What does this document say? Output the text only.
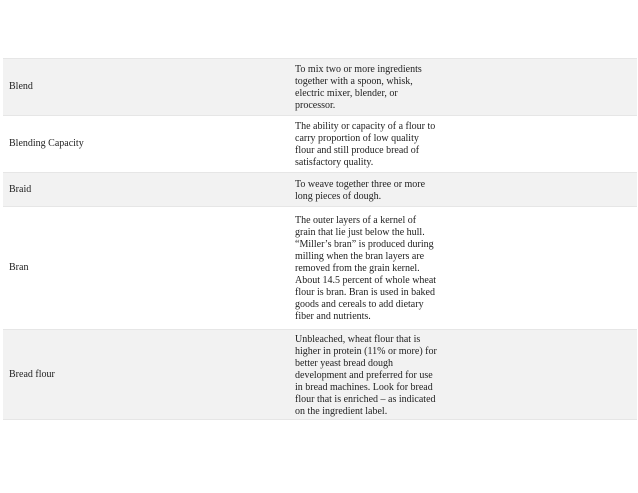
Blend
To mix two or more ingredients together with a spoon, whisk, electric mixer, blender, or processor.
Blending Capacity
The ability or capacity of a flour to carry proportion of low quality flour and still produce bread of satisfactory quality.
Braid	To weave together three or more long pieces of dough.
Bran
The outer layers of a kernel of grain that lie just below the hull. “Miller’s bran” is produced during milling when the bran layers are removed from the grain kernel. About 14.5 percent of whole wheat flour is bran. Bran is used in baked goods and cereals to add dietary fiber and nutrients.
Bread flour
Unbleached, wheat flour that is higher in protein (11% or more) for better yeast bread dough development and preferred for use in bread machines. Look for bread flour that is enriched – as indicated on the ingredient label.
